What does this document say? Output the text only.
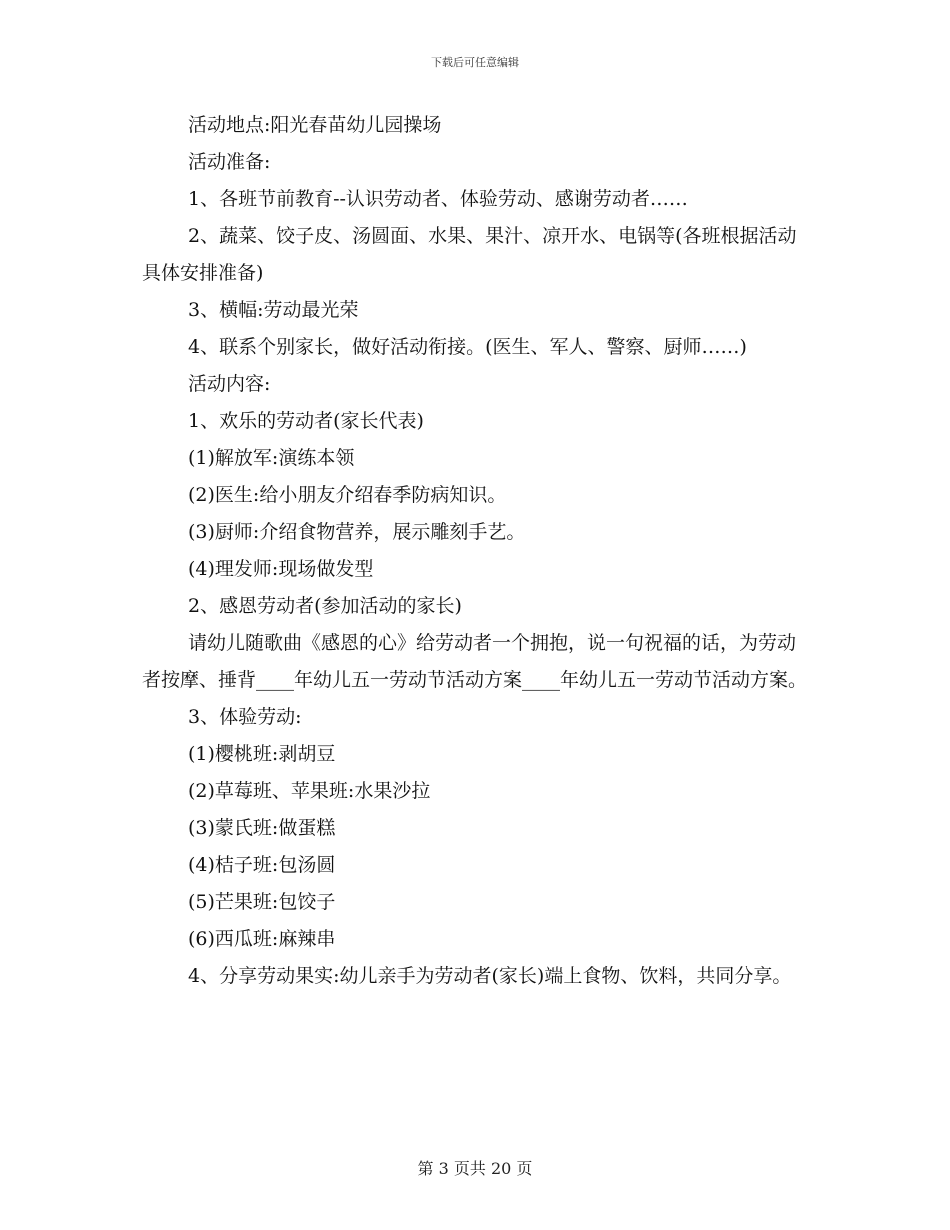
下载后可任意编辑

活动地点:阳光春苗幼儿园操场

活动准备:

1、各班节前教育--认识劳动者、体验劳动、感谢劳动者……

2、蔬菜、饺子皮、汤圆面、水果、果汁、凉开水、电锅等(各班根据活动具体安排准备)

3、横幅:劳动最光荣

4、联系个别家长，做好活动衔接。(医生、军人、警察、厨师……)

活动内容:

1、欢乐的劳动者(家长代表)

(1)解放军:演练本领

(2)医生:给小朋友介绍春季防病知识。

(3)厨师:介绍食物营养，展示雕刻手艺。

(4)理发师:现场做发型

2、感恩劳动者(参加活动的家长)

请幼儿随歌曲《感恩的心》给劳动者一个拥抱，说一句祝福的话，为劳动者按摩、捶背____年幼儿五一劳动节活动方案____年幼儿五一劳动节活动方案。

3、体验劳动:

(1)樱桃班:剥胡豆

(2)草莓班、苹果班:水果沙拉

(3)蒙氏班:做蛋糕

(4)桔子班:包汤圆

(5)芒果班:包饺子

(6)西瓜班:麻辣串

4、分享劳动果实:幼儿亲手为劳动者(家长)端上食物、饮料，共同分享。

第 3 页共 20 页
